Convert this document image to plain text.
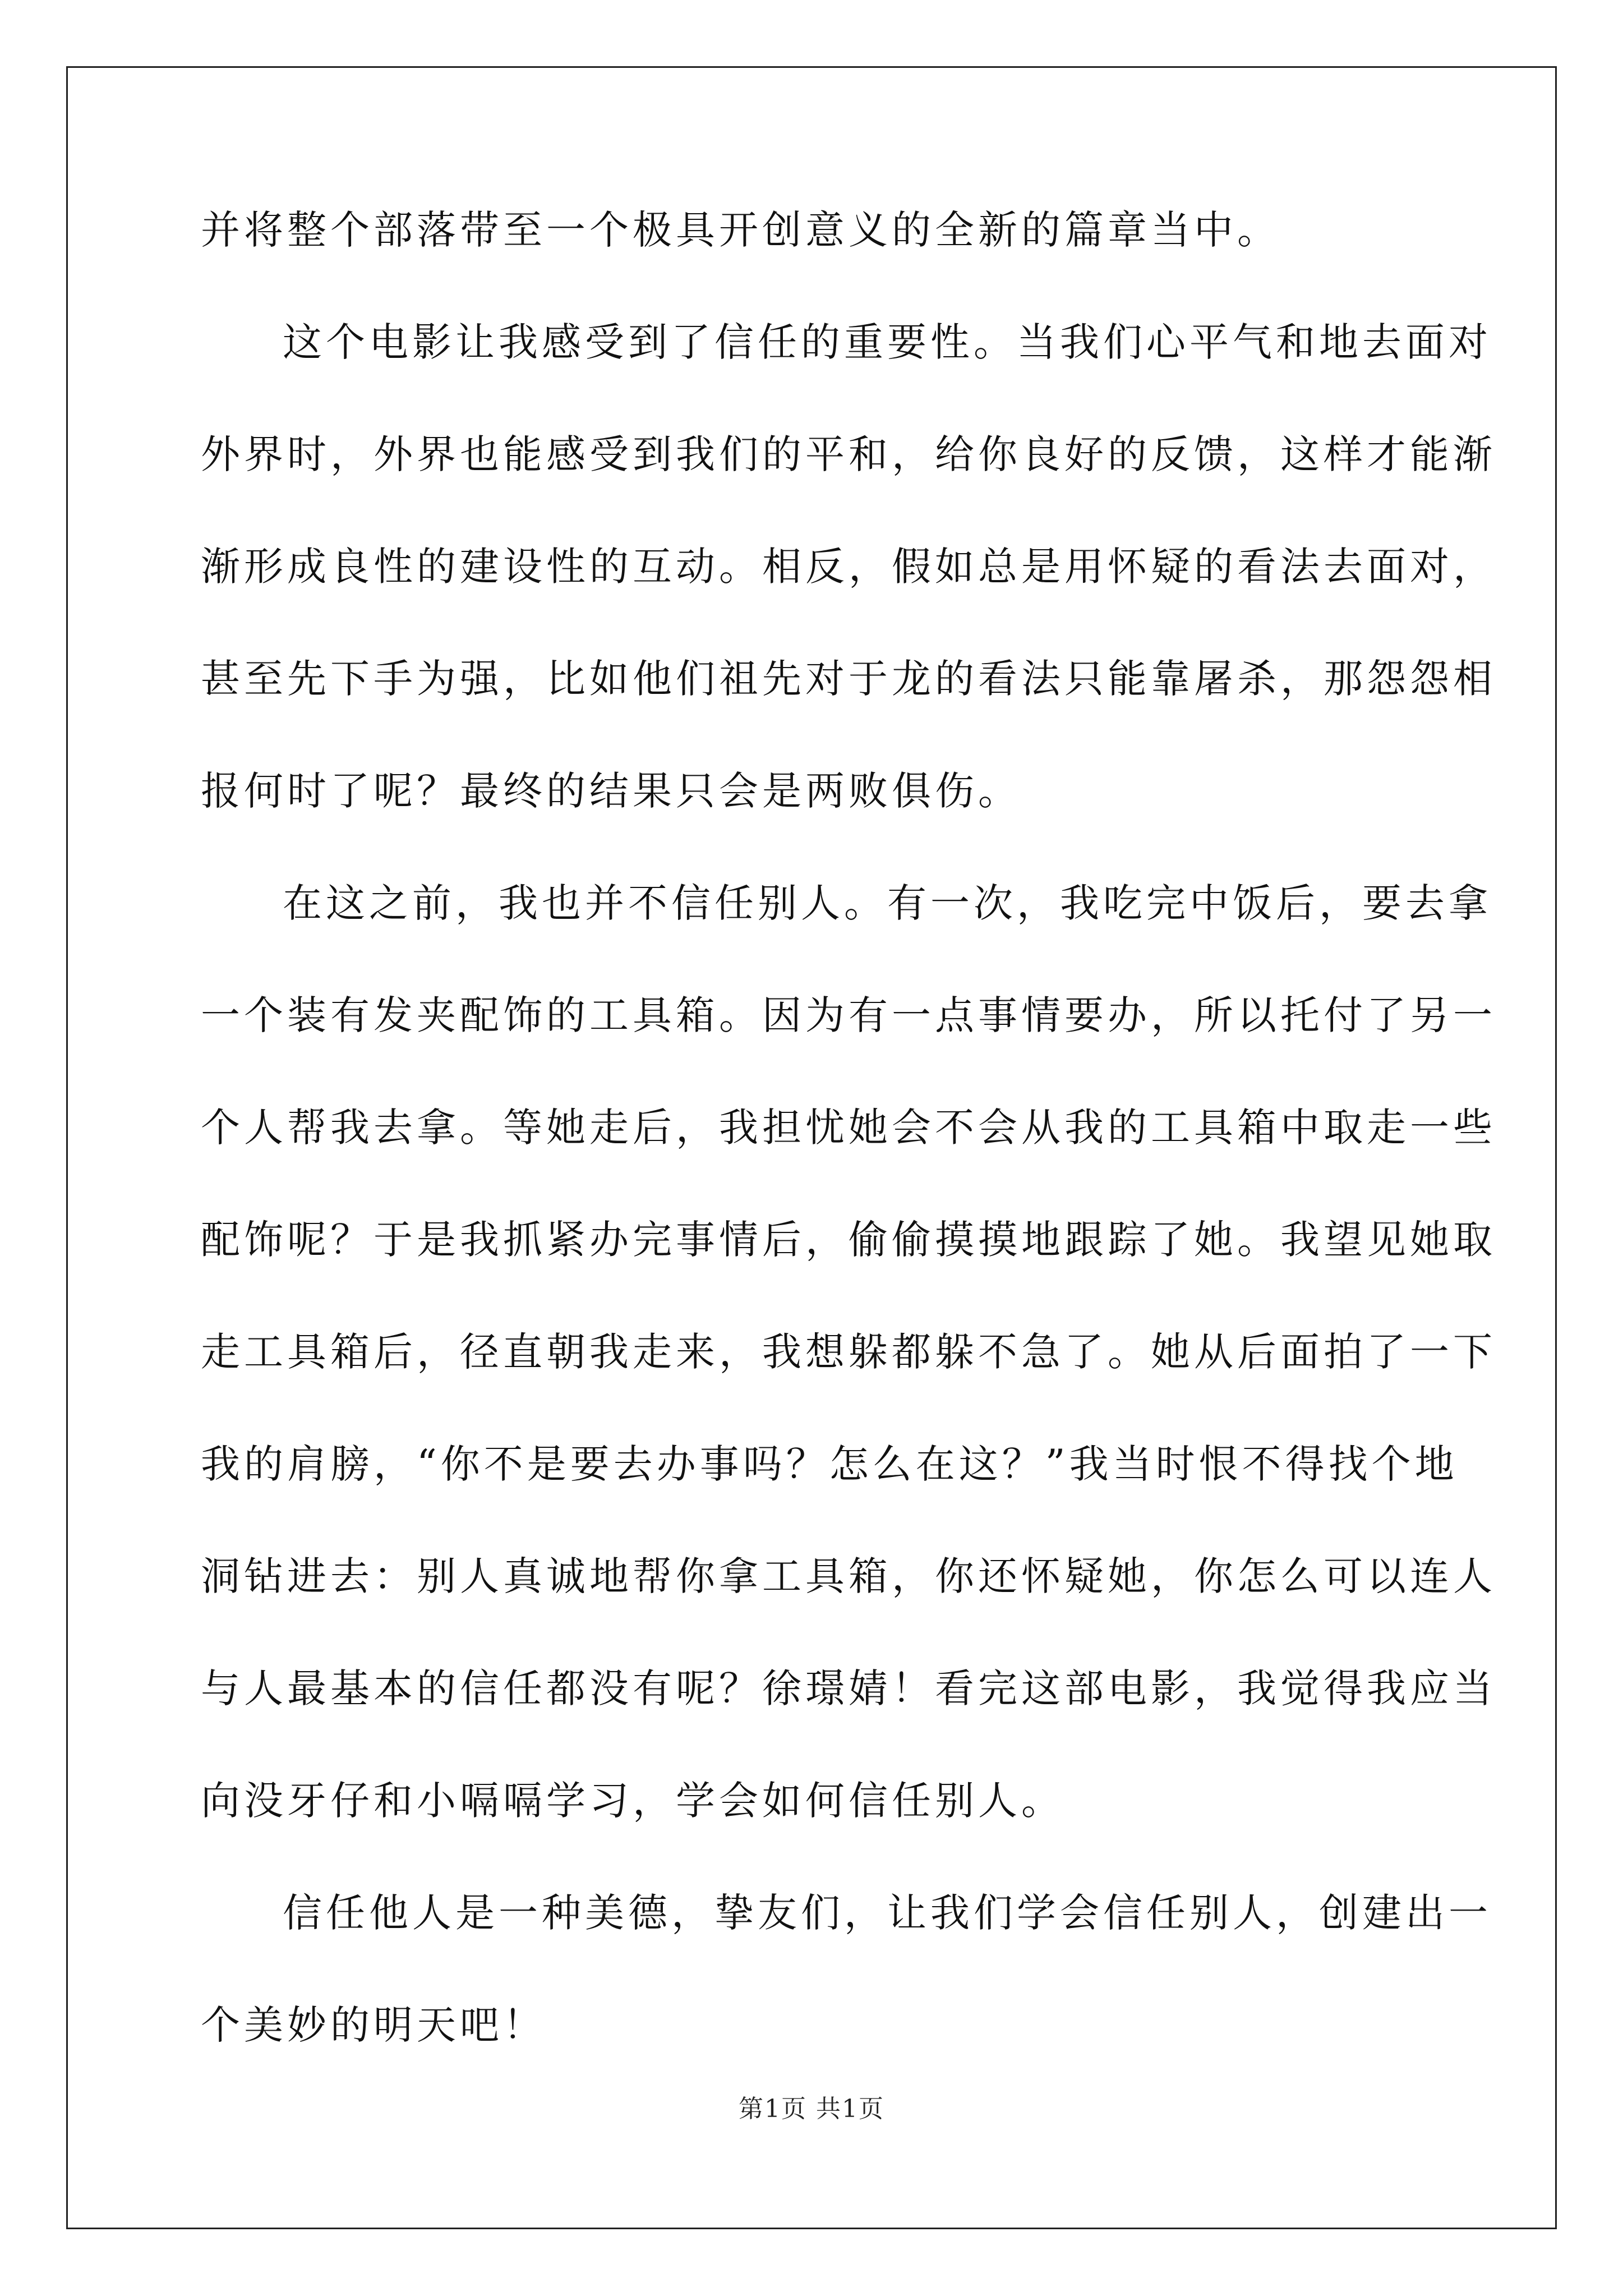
并将整个部落带至一个极具开创意义的全新的篇章当中。
这个电影让我感受到了信任的重要性。当我们心平气和地去面对
外界时，外界也能感受到我们的平和，给你良好的反馈，这样才能渐
渐形成良性的建设性的互动。相反，假如总是用怀疑的看法去面对，
甚至先下手为强，比如他们祖先对于龙的看法只能靠屠杀，那怨怨相
报何时了呢？最终的结果只会是两败俱伤。
在这之前，我也并不信任别人。有一次，我吃完中饭后，要去拿
一个装有发夹配饰的工具箱。因为有一点事情要办，所以托付了另一
个人帮我去拿。等她走后，我担忧她会不会从我的工具箱中取走一些
配饰呢？于是我抓紧办完事情后，偷偷摸摸地跟踪了她。我望见她取
走工具箱后，径直朝我走来，我想躲都躲不急了。她从后面拍了一下
我的肩膀，“你不是要去办事吗？怎么在这？”我当时恨不得找个地
洞钻进去：别人真诚地帮你拿工具箱，你还怀疑她，你怎么可以连人
与人最基本的信任都没有呢？徐璟婧！看完这部电影，我觉得我应当
向没牙仔和小嗝嗝学习，学会如何信任别人。
信任他人是一种美德，挚友们，让我们学会信任别人，创建出一
个美妙的明天吧！
第1页 共1页
